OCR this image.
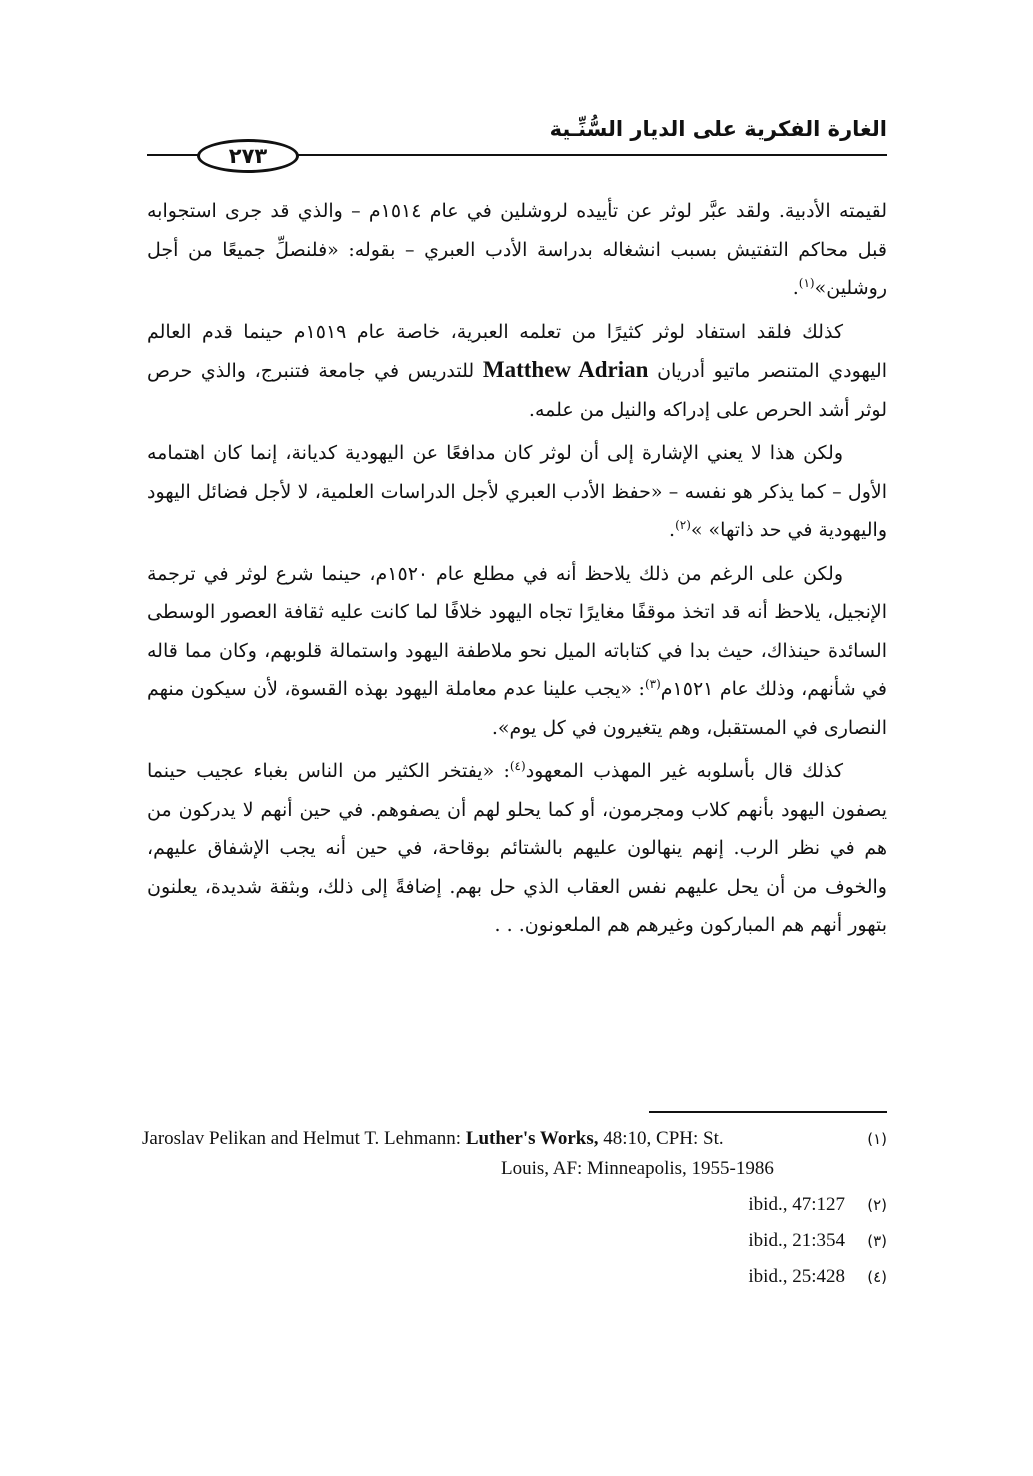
الغارة الفكرية على الديار السُّنِّـية
٢٧٣

لقيمته الأدبية. ولقد عبَّر لوثر عن تأييده لروشلين في عام ١٥١٤م – والذي قد جرى استجوابه قبل محاكم التفتيش بسبب انشغاله بدراسة الأدب العبري – بقوله: «فلنصلِّ جميعًا من أجل روشلين»$^{(١)}$.

كذلك فلقد استفاد لوثر كثيرًا من تعلمه العبرية، خاصة عام ١٥١٩م حينما قدم العالم اليهودي المتنصر ماتيو أدريان Matthew Adrian للتدريس في جامعة فتنبرج، والذي حرص لوثر أشد الحرص على إدراكه والنيل من علمه.

ولكن هذا لا يعني الإشارة إلى أن لوثر كان مدافعًا عن اليهودية كديانة، إنما كان اهتمامه الأول – كما يذكر هو نفسه – «حفظ الأدب العبري لأجل الدراسات العلمية، لا لأجل فضائل اليهود واليهودية في حد ذاتها» »$^{(٢)}$.

ولكن على الرغم من ذلك يلاحظ أنه في مطلع عام ١٥٢٠م، حينما شرع لوثر في ترجمة الإنجيل، يلاحظ أنه قد اتخذ موقفًا مغايرًا تجاه اليهود خلافًا لما كانت عليه ثقافة العصور الوسطى السائدة حينذاك، حيث بدا في كتاباته الميل نحو ملاطفة اليهود واستمالة قلوبهم، وكان مما قاله في شأنهم، وذلك عام ١٥٢١م$^{(٣)}$: «يجب علينا عدم معاملة اليهود بهذه القسوة، لأن سيكون منهم النصارى في المستقبل، وهم يتغيرون في كل يوم».

كذلك قال بأسلوبه غير المهذب المعهود$^{(٤)}$: «يفتخر الكثير من الناس بغباء عجيب حينما يصفون اليهود بأنهم كلاب ومجرمون، أو كما يحلو لهم أن يصفوهم. في حين أنهم لا يدركون من هم في نظر الرب. إنهم ينهالون عليهم بالشتائم بوقاحة، في حين أنه يجب الإشفاق عليهم، والخوف من أن يحل عليهم نفس العقاب الذي حل بهم. إضافةً إلى ذلك، وبثقة شديدة، يعلنون بتهور أنهم هم المباركون وغيرهم هم الملعونون. . .

(١)
Jaroslav Pelikan and Helmut T. Lehmann: Luther's Works, 48:10, CPH: St.
Louis, AF: Minneapolis, 1955-1986
(٢)
ibid., 47:127
(٣)
ibid., 21:354
(٤)
ibid., 25:428
